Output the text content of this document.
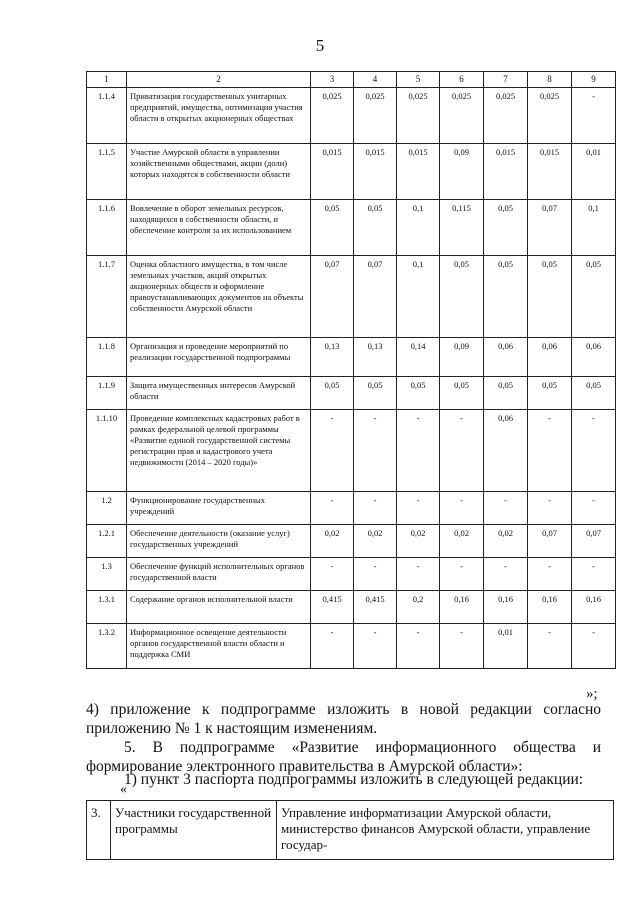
5
1	2	3	4	5	6	7	8	9
1.1.4	Приватизация государственных унитарных предприятий, имущества, оптимизация участия области в открытых акционерных обществах	0,025	0,025	0,025	0,025	0,025	0,025	-
1.1.5	Участие Амурской области в управлении хозяйственными обществами, акции (доли) которых находятся в собственности области	0,015	0,015	0,015	0,09	0,015	0,015	0,01
1.1.6	Вовлечение в оборот земельных ресурсов, находящихся в собственности области, и обеспечение контроля за их использованием	0,05	0,05	0,1	0,115	0,05	0,07	0,1
1.1.7	Оценка областного имущества, в том числе земельных участков, акций открытых акционерных обществ и оформление правоустанавливающих документов на объекты собственности Амурской области	0,07	0,07	0,1	0,05	0,05	0,05	0,05
1.1.8	Организация и проведение мероприятий по реализации государственной подпрограммы	0,13	0,13	0,14	0,09	0,06	0,06	0,06
1.1.9	Защита имущественных интересов Амурской области	0,05	0,05	0,05	0,05	0,05	0,05	0,05
1.1.10	Проведение комплексных кадастровых работ в рамках федеральной целевой программы «Развитие единой государственной системы регистрации прав и кадастрового учета недвижимости (2014 – 2020 годы)»	-	-	-	-	0,06	-	-
1.2	Функционирование государственных учреждений	-	-	-	-	-	-	-
1.2.1	Обеспечение деятельности (оказание услуг) государственных учреждений	0,02	0,02	0,02	0,02	0,02	0,07	0,07
1.3	Обеспечение функций исполнительных органов государственной власти	-	-	-	-	-	-	-
1.3.1	Содержание органов исполнительной власти	0,415	0,415	0,2	0,16	0,16	0,16	0,16
1.3.2	Информационное освещение деятельности органов государственной власти области и поддержка СМИ	-	-	-	-	0,01	-	-
»;
4) приложение к подпрограмме изложить в новой редакции согласно
приложению № 1 к настоящим изменениям.
5. В подпрограмме «Развитие информационного общества и
формирование электронного правительства в Амурской области»:
1) пункт 3 паспорта подпрограммы изложить в следующей редакции:
«
3.	Участники государственной программы	Управление информатизации Амурской области, министерство финансов Амурской области, управление государ-
